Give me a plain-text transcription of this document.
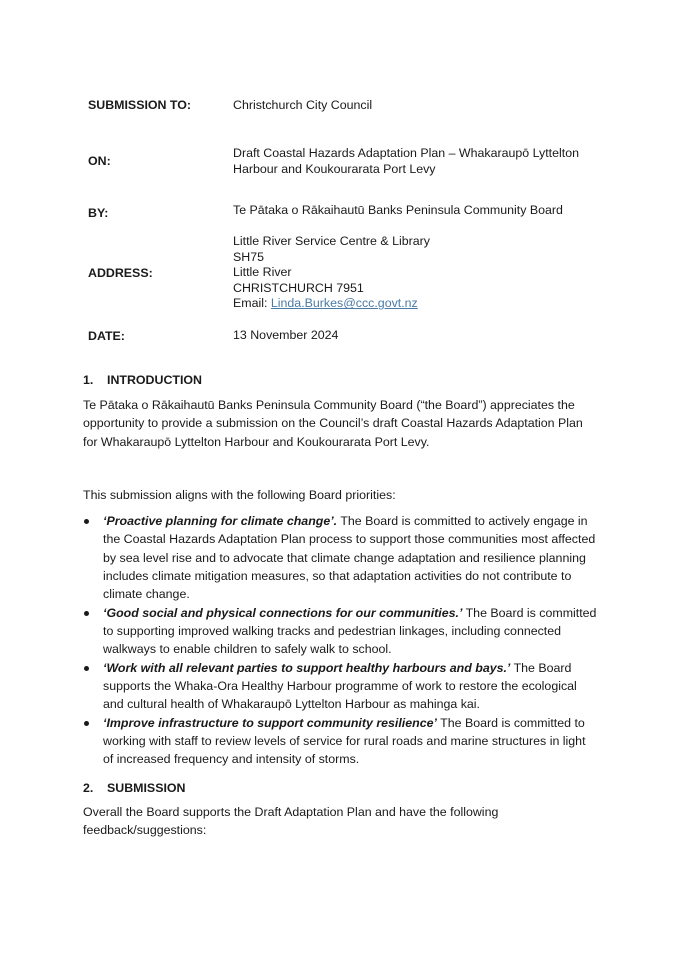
SUBMISSION TO:	Christchurch City Council
ON:
Draft Coastal Hazards Adaptation Plan – Whakaraupō Lyttelton
Harbour and Koukourarata Port Levy
BY:	Te Pātaka o Rākaihautū Banks Peninsula Community Board
ADDRESS:
Little River Service Centre & Library
SH75
Little River
CHRISTCHURCH 7951
Email: Linda.Burkes@ccc.govt.nz
DATE:	13 November 2024
1. INTRODUCTION
Te Pātaka o Rākaihautū Banks Peninsula Community Board (“the Board”) appreciates the opportunity to provide a submission on the Council’s draft Coastal Hazards Adaptation Plan for Whakaraupō Lyttelton Harbour and Koukourarata Port Levy.
This submission aligns with the following Board priorities:
‘Proactive planning for climate change’. The Board is committed to actively engage in the Coastal Hazards Adaptation Plan process to support those communities most affected by sea level rise and to advocate that climate change adaptation and resilience planning includes climate mitigation measures, so that adaptation activities do not contribute to climate change.
‘Good social and physical connections for our communities.’ The Board is committed to supporting improved walking tracks and pedestrian linkages, including connected walkways to enable children to safely walk to school.
‘Work with all relevant parties to support healthy harbours and bays.’ The Board supports the Whaka-Ora Healthy Harbour programme of work to restore the ecological and cultural health of Whakaraupō Lyttelton Harbour as mahinga kai.
‘Improve infrastructure to support community resilience’ The Board is committed to working with staff to review levels of service for rural roads and marine structures in light of increased frequency and intensity of storms.
2. SUBMISSION
Overall the Board supports the Draft Adaptation Plan and have the following feedback/suggestions:
